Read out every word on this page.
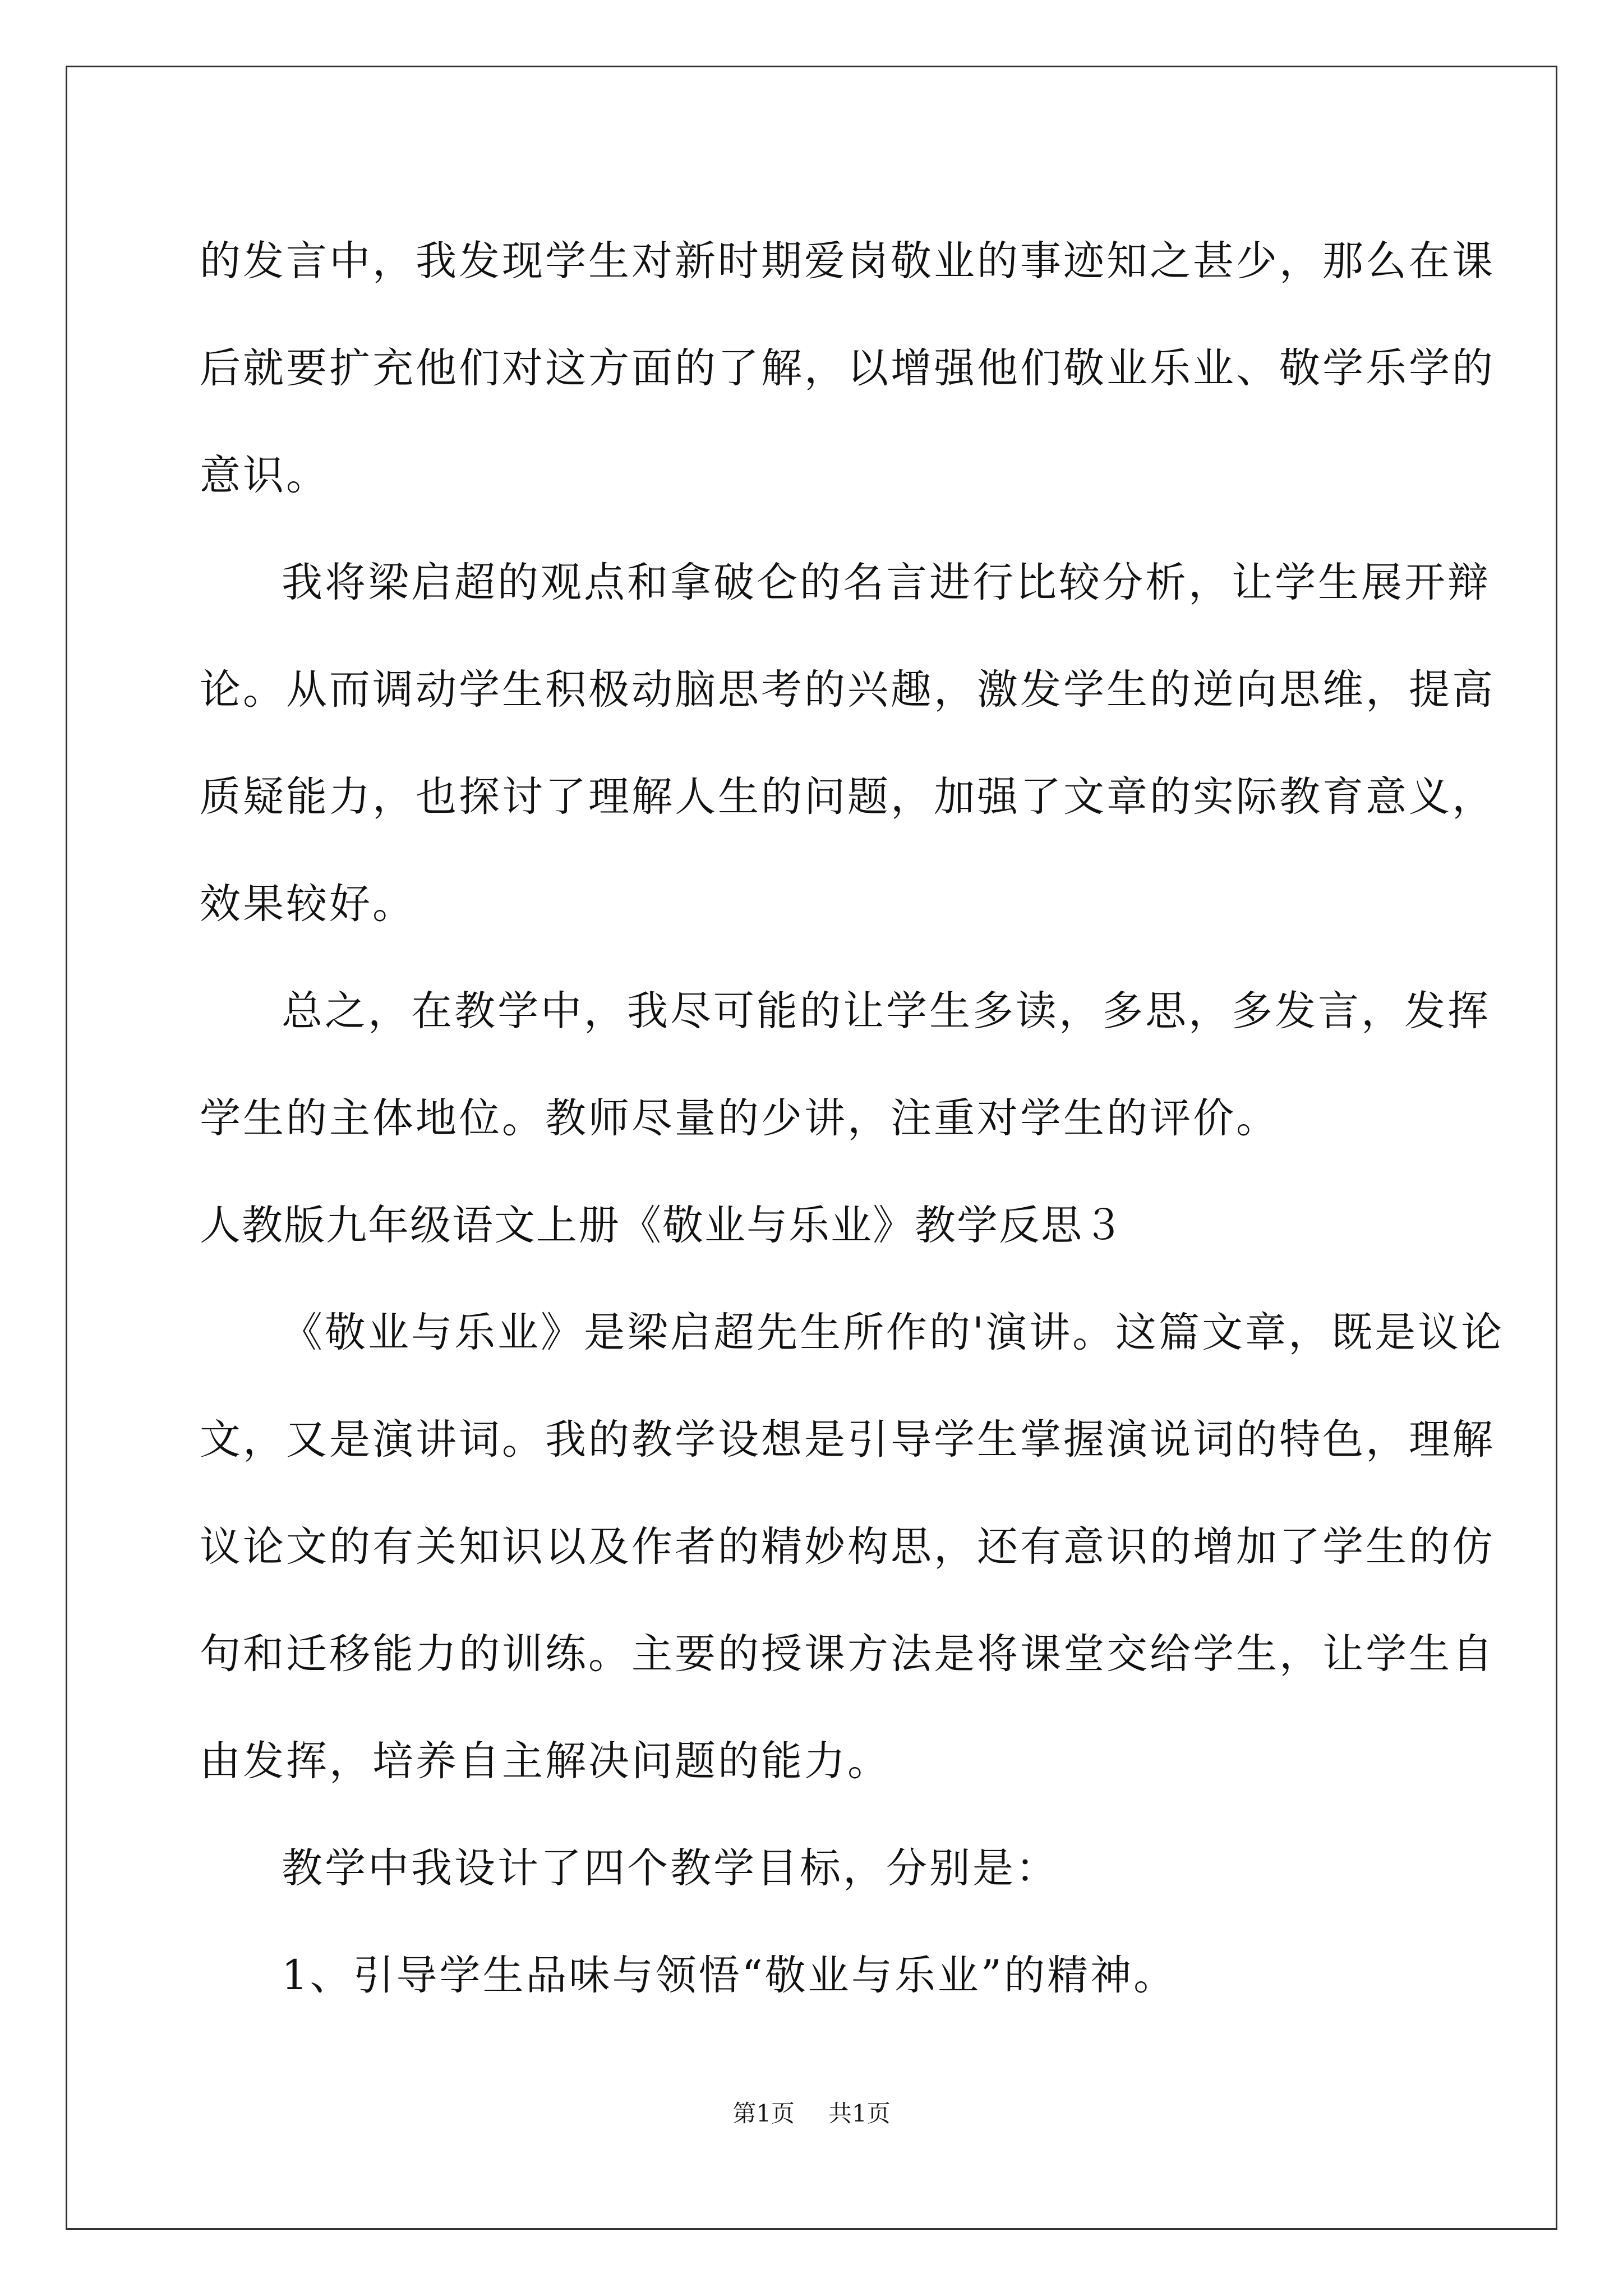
的发言中，我发现学生对新时期爱岗敬业的事迹知之甚少，那么在课
后就要扩充他们对这方面的了解，以增强他们敬业乐业、敬学乐学的
意识。
我将梁启超的观点和拿破仑的名言进行比较分析，让学生展开辩
论。从而调动学生积极动脑思考的兴趣，激发学生的逆向思维，提高
质疑能力，也探讨了理解人生的问题，加强了文章的实际教育意义，
效果较好。
总之，在教学中，我尽可能的让学生多读，多思，多发言，发挥
学生的主体地位。教师尽量的少讲，注重对学生的评价。
人教版九年级语文上册《敬业与乐业》教学反思３
《敬业与乐业》是梁启超先生所作的'演讲。这篇文章，既是议论
文，又是演讲词。我的教学设想是引导学生掌握演说词的特色，理解
议论文的有关知识以及作者的精妙构思，还有意识的增加了学生的仿
句和迁移能力的训练。主要的授课方法是将课堂交给学生，让学生自
由发挥，培养自主解决问题的能力。
教学中我设计了四个教学目标，分别是：
1、引导学生品味与领悟“敬业与乐业”的精神。
第1页 共1页
